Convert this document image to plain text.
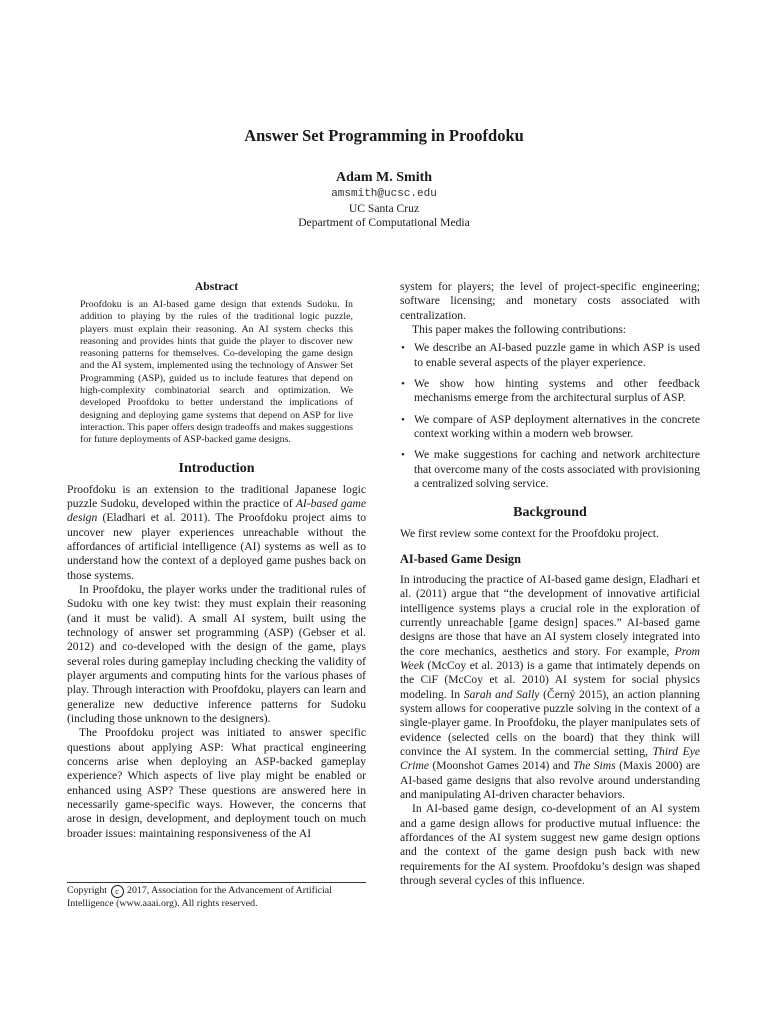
Answer Set Programming in Proofdoku
Adam M. Smith
amsmith@ucsc.edu
UC Santa Cruz
Department of Computational Media
Abstract

Proofdoku is an AI-based game design that extends Sudoku. In addition to playing by the rules of the traditional logic puzzle, players must explain their reasoning. An AI system checks this reasoning and provides hints that guide the player to discover new reasoning patterns for themselves. Co-developing the game design and the AI system, implemented using the technology of Answer Set Programming (ASP), guided us to include features that depend on high-complexity combinatorial search and optimization. We developed Proofdoku to better understand the implications of designing and deploying game systems that depend on ASP for live interaction. This paper offers design tradeoffs and makes suggestions for future deployments of ASP-backed game designs.

Introduction

Proofdoku is an extension to the traditional Japanese logic puzzle Sudoku, developed within the practice of AI-based game design (Eladhari et al. 2011). The Proofdoku project aims to uncover new player experiences unreachable without the affordances of artificial intelligence (AI) systems as well as to understand how the context of a deployed game pushes back on those systems.

In Proofdoku, the player works under the traditional rules of Sudoku with one key twist: they must explain their reasoning (and it must be valid). A small AI system, built using the technology of answer set programming (ASP) (Gebser et al. 2012) and co-developed with the design of the game, plays several roles during gameplay including checking the validity of player arguments and computing hints for the various phases of play. Through interaction with Proofdoku, players can learn and generalize new deductive inference patterns for Sudoku (including those unknown to the designers).

The Proofdoku project was initiated to answer specific questions about applying ASP: What practical engineering concerns arise when deploying an ASP-backed gameplay experience? Which aspects of live play might be enabled or enhanced using ASP? These questions are answered here in necessarily game-specific ways. However, the concerns that arose in design, development, and deployment touch on much broader issues: maintaining responsiveness of the AI

Copyright c 2017, Association for the Advancement of Artificial Intelligence (www.aaai.org). All rights reserved.

system for players; the level of project-specific engineering; software licensing; and monetary costs associated with centralization.

This paper makes the following contributions:

• We describe an AI-based puzzle game in which ASP is used to enable several aspects of the player experience.
• We show how hinting systems and other feedback mechanisms emerge from the architectural surplus of ASP.
• We compare of ASP deployment alternatives in the concrete context working within a modern web browser.
• We make suggestions for caching and network architecture that overcome many of the costs associated with provisioning a centralized solving service.
Background

We first review some context for the Proofdoku project.

AI-based Game Design

In introducing the practice of AI-based game design, Eladhari et al. (2011) argue that “the development of innovative artificial intelligence systems plays a crucial role in the exploration of currently unreachable [game design] spaces.” AI-based game designs are those that have an AI system closely integrated into the core mechanics, aesthetics and story. For example, Prom Week (McCoy et al. 2013) is a game that intimately depends on the CiF (McCoy et al. 2010) AI system for social physics modeling. In Sarah and Sally (Černý 2015), an action planning system allows for cooperative puzzle solving in the context of a single-player game. In Proofdoku, the player manipulates sets of evidence (selected cells on the board) that they think will convince the AI system. In the commercial setting, Third Eye Crime (Moonshot Games 2014) and The Sims (Maxis 2000) are AI-based game designs that also revolve around understanding and manipulating AI-driven character behaviors.

In AI-based game design, co-development of an AI system and a game design allows for productive mutual influence: the affordances of the AI system suggest new game design options and the context of the game design push back with new requirements for the AI system. Proofdoku’s design was shaped through several cycles of this influence.
